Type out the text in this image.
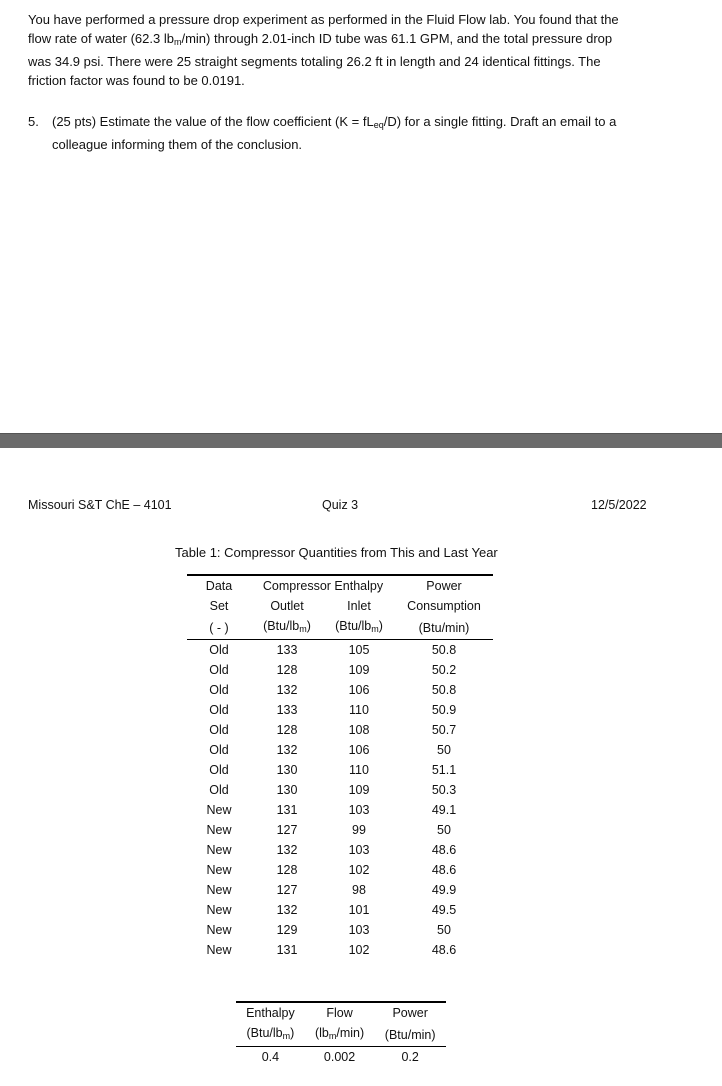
You have performed a pressure drop experiment as performed in the Fluid Flow lab. You found that the
flow rate of water (62.3 $lb_m/\min$) through 2.01-inch ID tube was 61.1 GPM, and the total pressure drop
was 34.9 psi. There were 25 straight segments totaling 26.2 ft in length and 24 identical fittings. The
friction factor was found to be 0.0191.
5. (25 pts) Estimate the value of the flow coefficient $(K = fL_{eq}/D)$ for a single fitting. Draft an email to a
colleague informing them of the conclusion.
Missouri S&T ChE – 4101	Quiz 3	12/5/2022
Table 1: Compressor Quantities from This and Last Year

Data	Compressor Enthalpy		Power
Set	Outlet	Inlet	Consumption
( - )	$(Btu/lb_m)$	$(Btu/lb_m)$	(Btu/min)
Old	133	105	50.8
Old	128	109	50.2
Old	132	106	50.8
Old	133	110	50.9
Old	128	108	50.7
Old	132	106	50
Old	130	110	51.1
Old	130	109	50.3
New	131	103	49.1
New	127	99	50
New	132	103	48.6
New	128	102	48.6
New	127	98	49.9
New	132	101	49.5
New	129	103	50
New	131	102	48.6

Enthalpy	Flow	Power
$(Btu/lb_m)$	$(lb_m/\min)$	(Btu/min)
0.4	0.002	0.2
